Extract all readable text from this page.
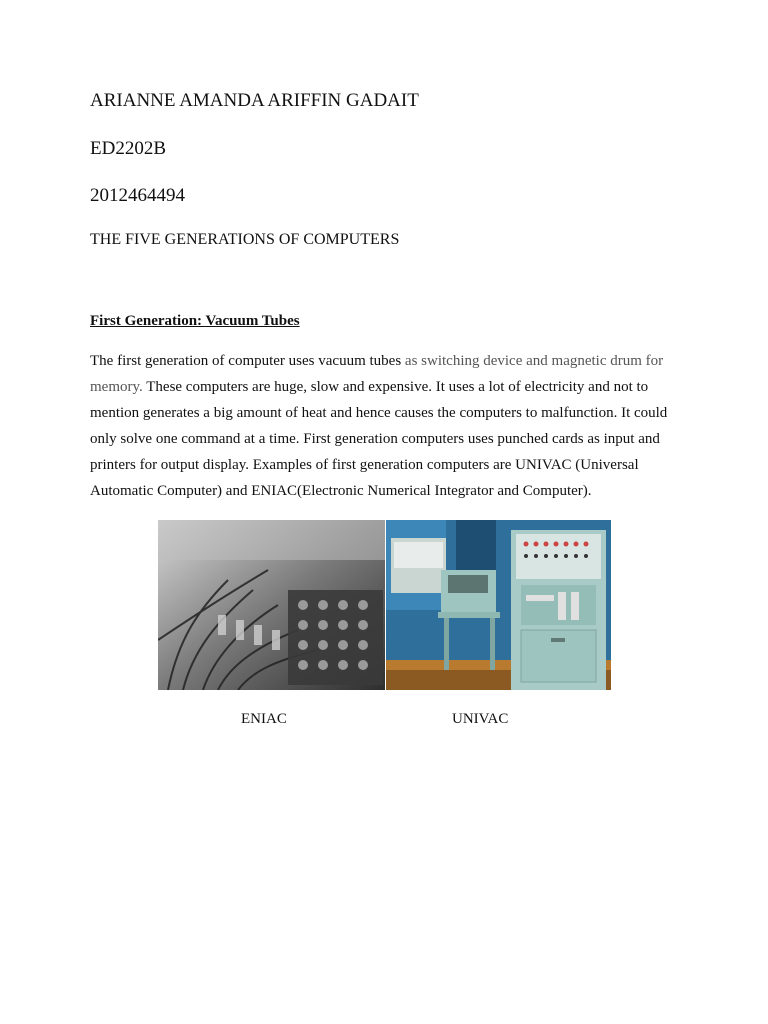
ARIANNE AMANDA ARIFFIN GADAIT

ED2202B

2012464494

THE FIVE GENERATIONS OF COMPUTERS

First Generation: Vacuum Tubes

The first generation of computer uses vacuum tubes as switching device and magnetic drum for
memory. These computers are huge, slow and expensive. It uses a lot of electricity and not to
mention generates a big amount of heat and hence causes the computers to malfunction. It could
only solve one command at a time. First generation computers uses punched cards as input and
printers for output display. Examples of first generation computers are UNIVAC (Universal
Automatic Computer) and ENIAC(Electronic Numerical Integrator and Computer).

ENIAC	UNIVAC
